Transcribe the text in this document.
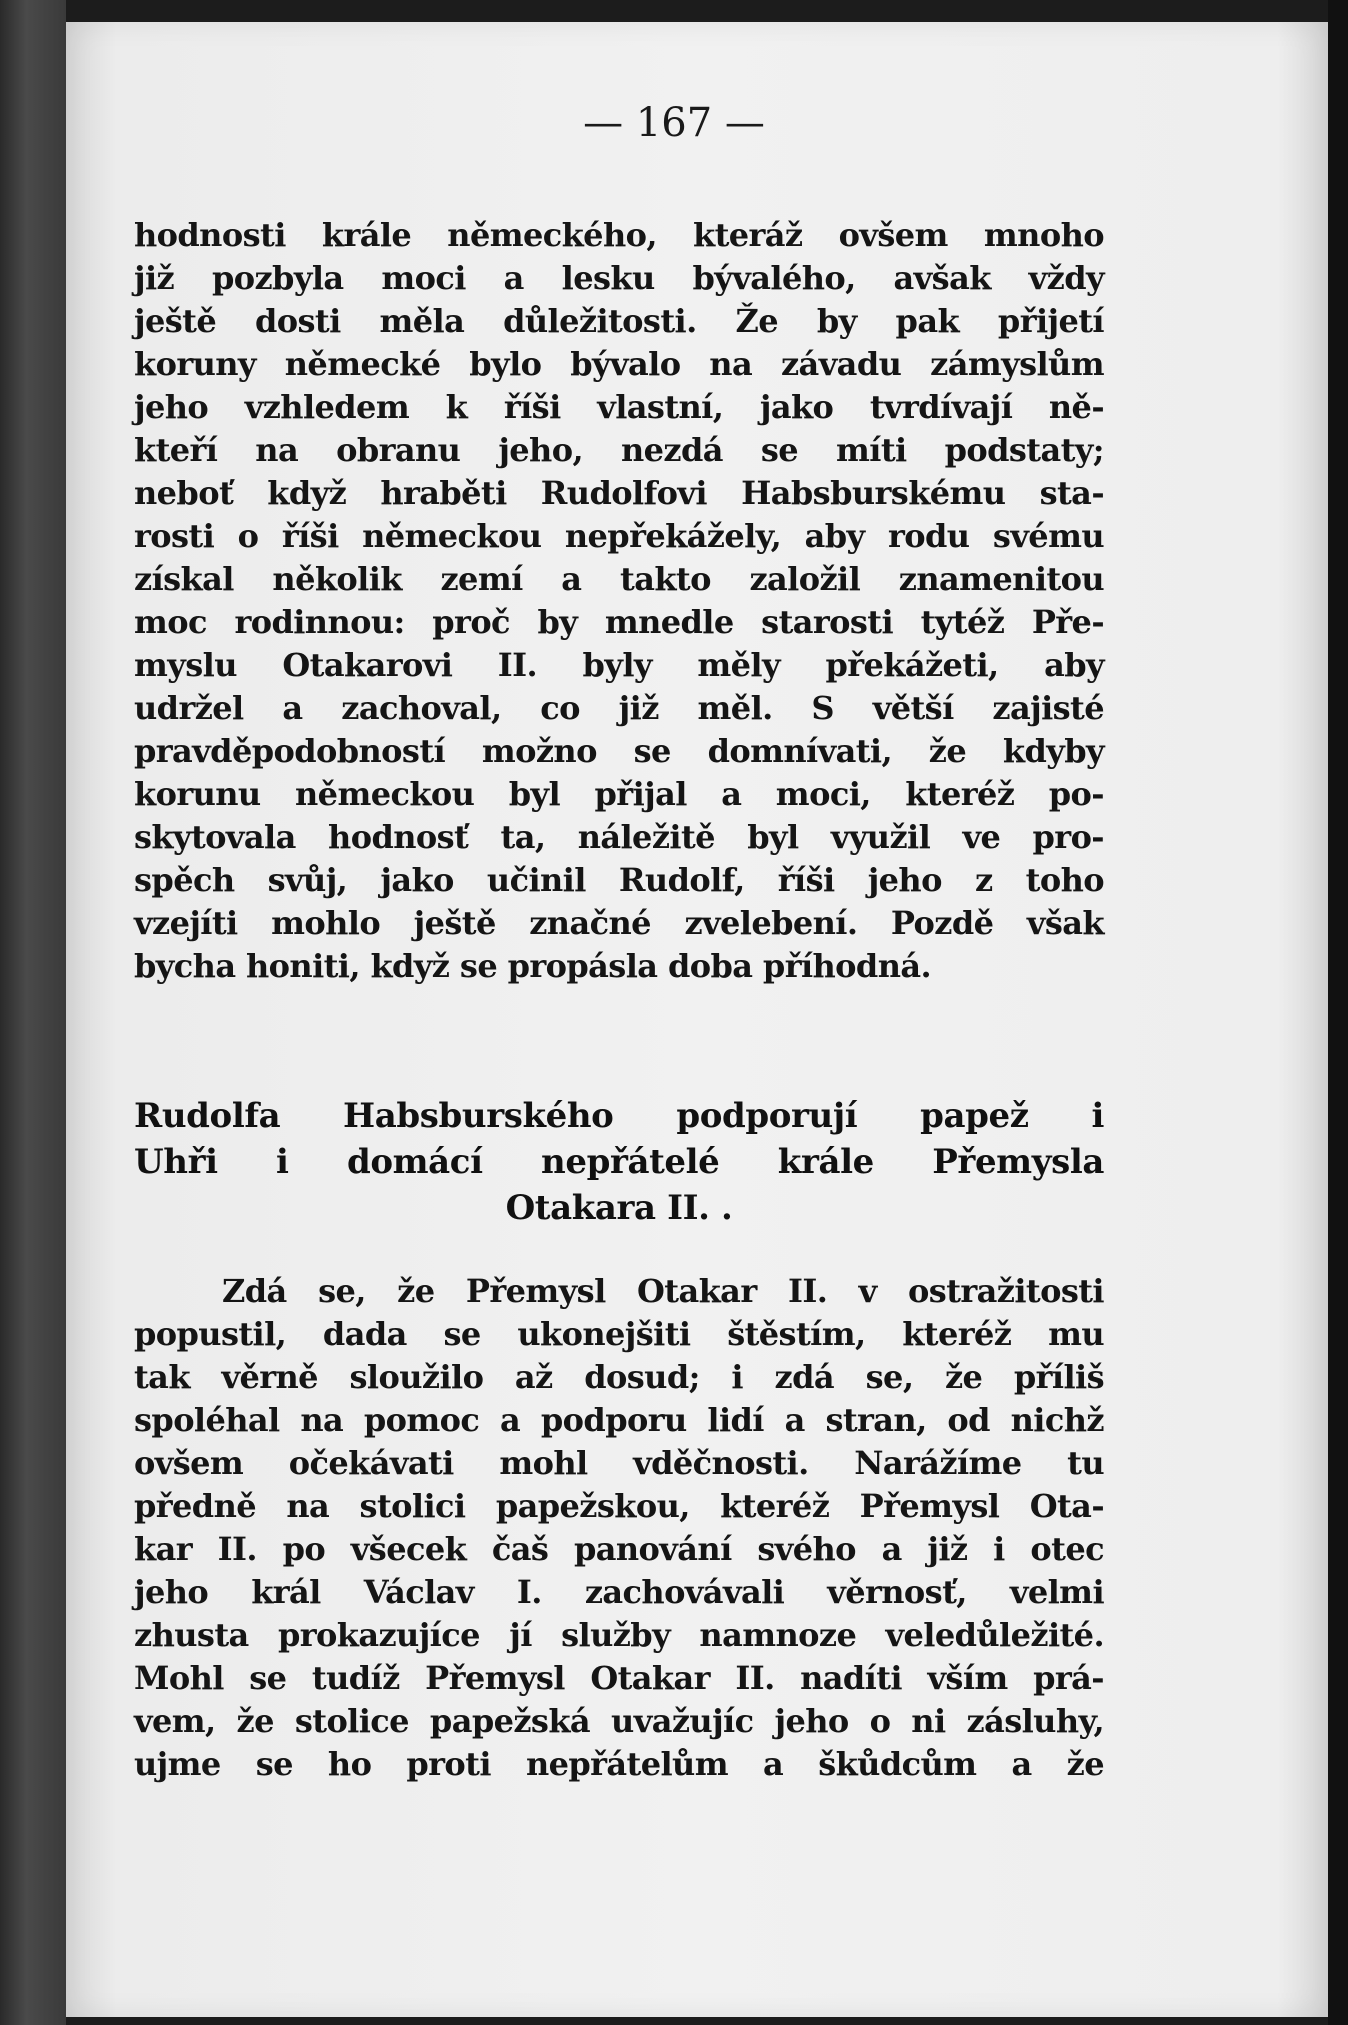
— 167 —
hodnosti krále německého, kteráž ovšem mnoho
již pozbyla moci a lesku bývalého, avšak vždy
ještě dosti měla důležitosti. Že by pak přijetí
koruny německé bylo bývalo na závadu zámyslům
jeho vzhledem k říši vlastní, jako tvrdívají ně-
kteří na obranu jeho, nezdá se míti podstaty;
neboť když hraběti Rudolfovi Habsburskému sta-
rosti o říši německou nepřekážely, aby rodu svému
získal několik zemí a takto založil znamenitou
moc rodinnou: proč by mnedle starosti tytéž Pře-
myslu Otakarovi II. byly měly překážeti, aby
udržel a zachoval, co již měl. S větší zajisté
pravděpodobností možno se domnívati, že kdyby
korunu německou byl přijal a moci, kteréž po-
skytovala hodnosť ta, náležitě byl využil ve pro-
spěch svůj, jako učinil Rudolf, říši jeho z toho
vzejíti mohlo ještě značné zvelebení. Pozdě však
bycha honiti, když se propásla doba příhodná.
Rudolfa Habsburského podporují papež i
Uhři i domácí nepřátelé krále Přemysla
Otakara II. .
Zdá se, že Přemysl Otakar II. v ostražitosti
popustil, dada se ukonejšiti štěstím, kteréž mu
tak věrně sloužilo až dosud; i zdá se, že příliš
spoléhal na pomoc a podporu lidí a stran, od nichž
ovšem očekávati mohl vděčnosti. Narážíme tu
předně na stolici papežskou, kteréž Přemysl Ota-
kar II. po všecek čaš panování svého a již i otec
jeho král Václav I. zachovávali věrnosť, velmi
zhusta prokazujíce jí služby namnoze veledůležité.
Mohl se tudíž Přemysl Otakar II. nadíti vším prá-
vem, že stolice papežská uvažujíc jeho o ni zásluhy,
ujme se ho proti nepřátelům a škůdcům a že
